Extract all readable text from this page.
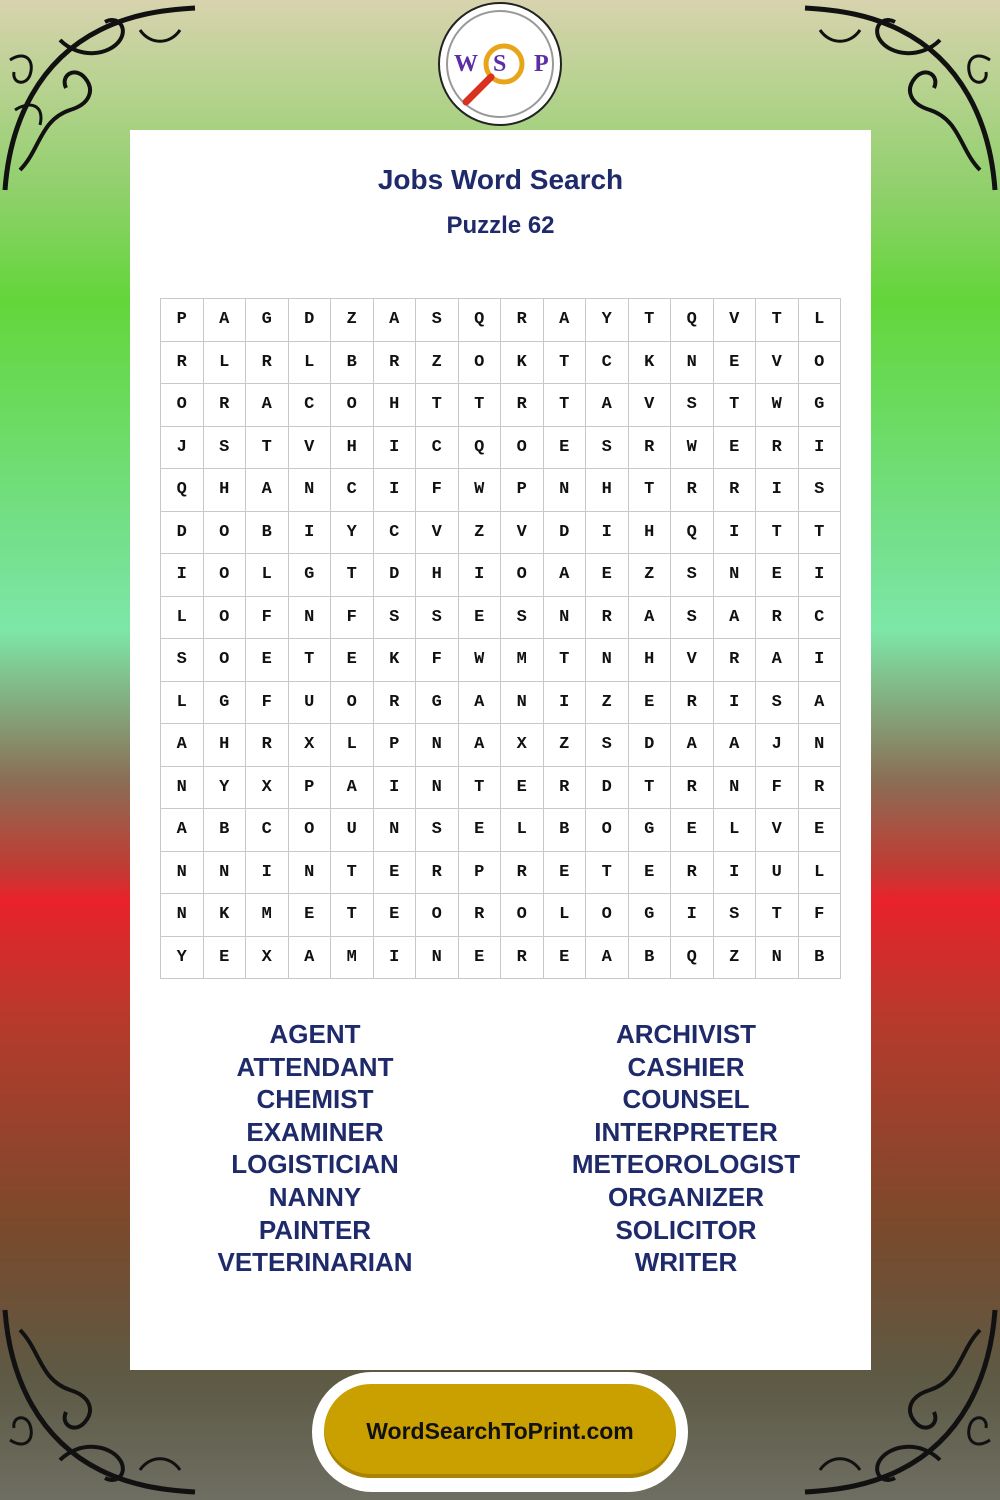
W S P
Jobs Word Search
Puzzle 62
P	A	G	D	Z	A	S	Q	R	A	Y	T	Q	V	T	L
R	L	R	L	B	R	Z	O	K	T	C	K	N	E	V	O
O	R	A	C	O	H	T	T	R	T	A	V	S	T	W	G
J	S	T	V	H	I	C	Q	O	E	S	R	W	E	R	I
Q	H	A	N	C	I	F	W	P	N	H	T	R	R	I	S
D	O	B	I	Y	C	V	Z	V	D	I	H	Q	I	T	T
I	O	L	G	T	D	H	I	O	A	E	Z	S	N	E	I
L	O	F	N	F	S	S	E	S	N	R	A	S	A	R	C
S	O	E	T	E	K	F	W	M	T	N	H	V	R	A	I
L	G	F	U	O	R	G	A	N	I	Z	E	R	I	S	A
A	H	R	X	L	P	N	A	X	Z	S	D	A	A	J	N
N	Y	X	P	A	I	N	T	E	R	D	T	R	N	F	R
A	B	C	O	U	N	S	E	L	B	O	G	E	L	V	E
N	N	I	N	T	E	R	P	R	E	T	E	R	I	U	L
N	K	M	E	T	E	O	R	O	L	O	G	I	S	T	F
Y	E	X	A	M	I	N	E	R	E	A	B	Q	Z	N	B
AGENT
ATTENDANT
CHEMIST
EXAMINER
LOGISTICIAN
NANNY
PAINTER
VETERINARIAN
ARCHIVIST
CASHIER
COUNSEL
INTERPRETER
METEOROLOGIST
ORGANIZER
SOLICITOR
WRITER
WordSearchToPrint.com
